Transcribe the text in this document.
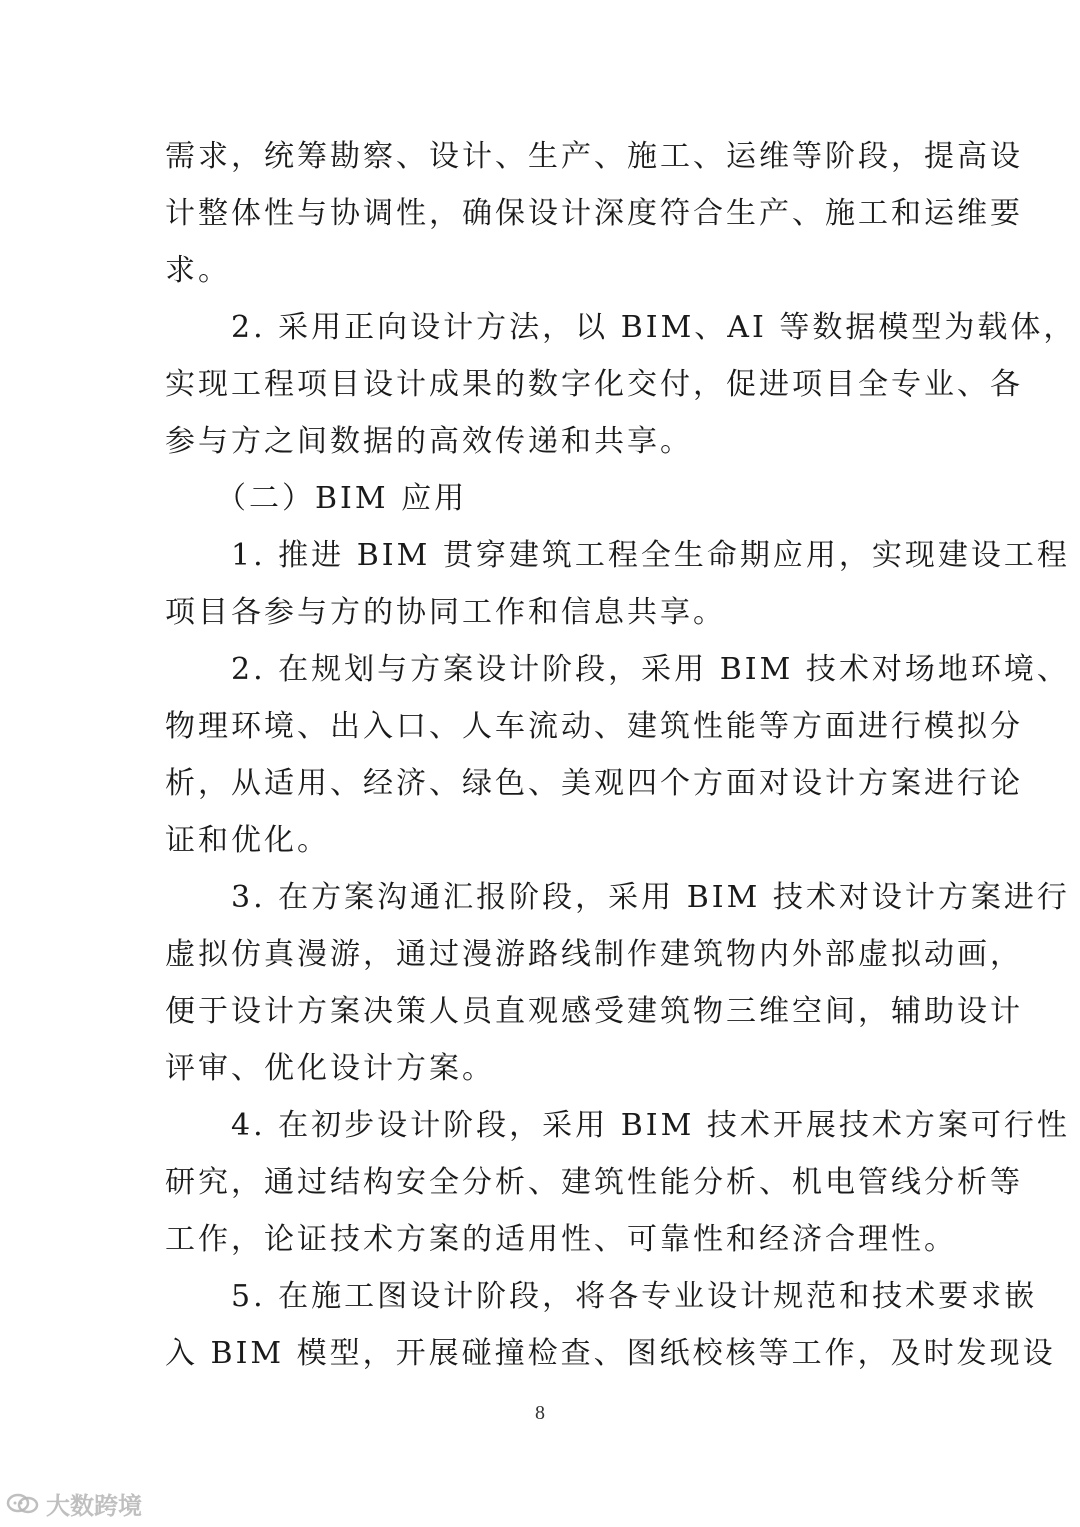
需求，统筹勘察、设计、生产、施工、运维等阶段，提高设
计整体性与协调性，确保设计深度符合生产、施工和运维要
求。
　　2. 采用正向设计方法，以 BIM、AI 等数据模型为载体，
实现工程项目设计成果的数字化交付，促进项目全专业、各
参与方之间数据的高效传递和共享。
　　（二）BIM 应用
　　1. 推进 BIM 贯穿建筑工程全生命期应用，实现建设工程
项目各参与方的协同工作和信息共享。
　　2. 在规划与方案设计阶段，采用 BIM 技术对场地环境、
物理环境、出入口、人车流动、建筑性能等方面进行模拟分
析，从适用、经济、绿色、美观四个方面对设计方案进行论
证和优化。
　　3. 在方案沟通汇报阶段，采用 BIM 技术对设计方案进行
虚拟仿真漫游，通过漫游路线制作建筑物内外部虚拟动画，
便于设计方案决策人员直观感受建筑物三维空间，辅助设计
评审、优化设计方案。
　　4. 在初步设计阶段，采用 BIM 技术开展技术方案可行性
研究，通过结构安全分析、建筑性能分析、机电管线分析等
工作，论证技术方案的适用性、可靠性和经济合理性。
　　5. 在施工图设计阶段，将各专业设计规范和技术要求嵌
入 BIM 模型，开展碰撞检查、图纸校核等工作，及时发现设
8
大数跨境
